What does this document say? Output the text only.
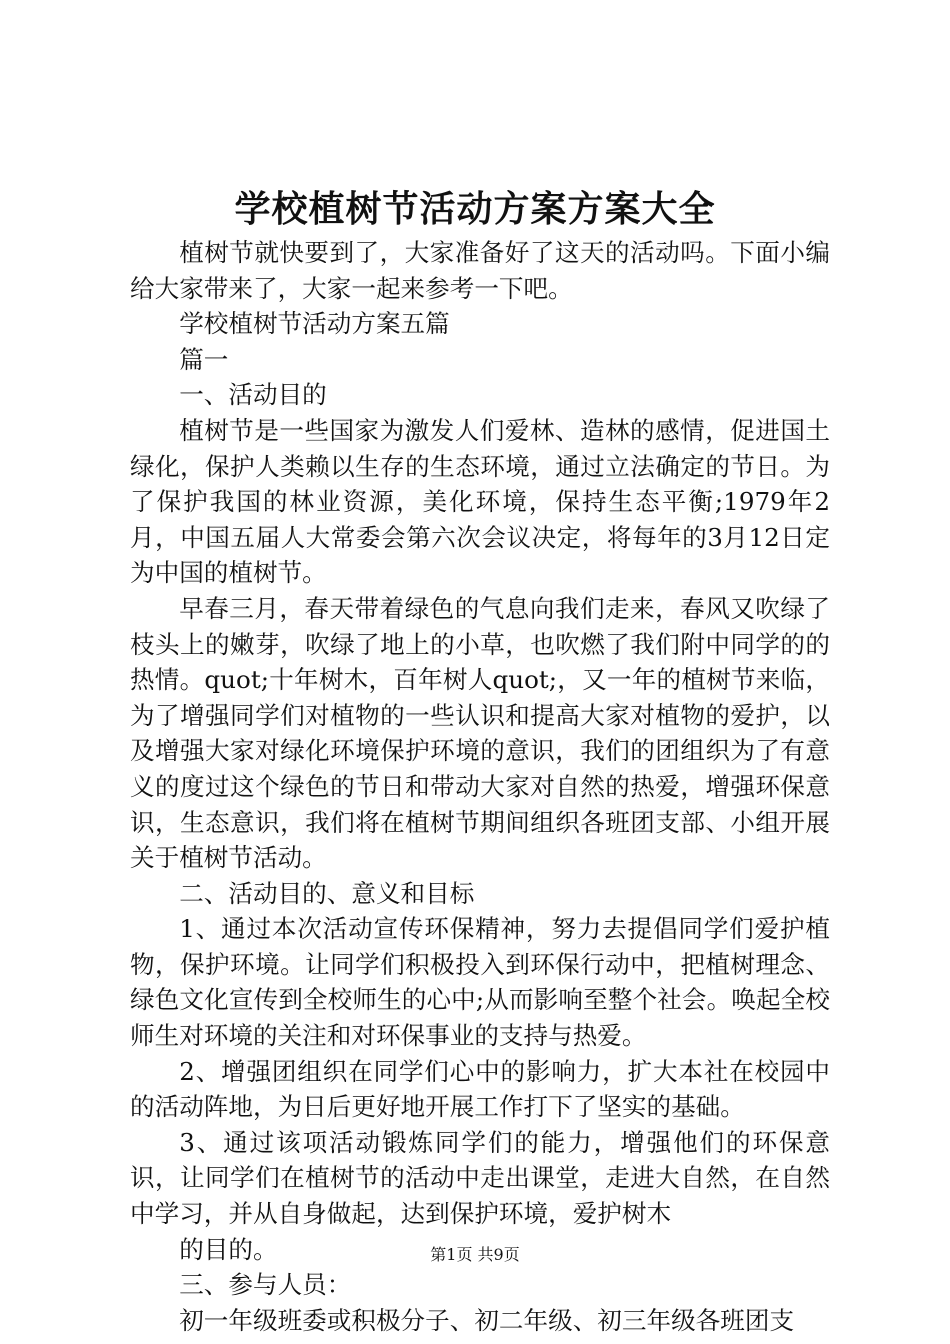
学校植树节活动方案方案大全

植树节就快要到了，大家准备好了这天的活动吗。下面小编给大家带来了，大家一起来参考一下吧。

学校植树节活动方案五篇

篇一

一、活动目的

植树节是一些国家为激发人们爱林、造林的感情，促进国土绿化，保护人类赖以生存的生态环境，通过立法确定的节日。为了保护我国的林业资源，美化环境，保持生态平衡;1979年2月，中国五届人大常委会第六次会议决定，将每年的3月12日定为中国的植树节。

早春三月，春天带着绿色的气息向我们走来，春风又吹绿了枝头上的嫩芽，吹绿了地上的小草，也吹燃了我们附中同学的的热情。quot;十年树木，百年树人quot;，又一年的植树节来临，为了增强同学们对植物的一些认识和提高大家对植物的爱护，以及增强大家对绿化环境保护环境的意识，我们的团组织为了有意义的度过这个绿色的节日和带动大家对自然的热爱，增强环保意识，生态意识，我们将在植树节期间组织各班团支部、小组开展关于植树节活动。

二、活动目的、意义和目标

1、通过本次活动宣传环保精神，努力去提倡同学们爱护植物，保护环境。让同学们积极投入到环保行动中，把植树理念、绿色文化宣传到全校师生的心中;从而影响至整个社会。唤起全校师生对环境的关注和对环保事业的支持与热爱。

2、增强团组织在同学们心中的影响力，扩大本社在校园中的活动阵地，为日后更好地开展工作打下了坚实的基础。

3、通过该项活动锻炼同学们的能力，增强他们的环保意识，让同学们在植树节的活动中走出课堂，走进大自然，在自然中学习，并从自身做起，达到保护环境，爱护树木

的目的。

三、参与人员：

初一年级班委或积极分子、初二年级、初三年级各班团支

第1页 共9页
